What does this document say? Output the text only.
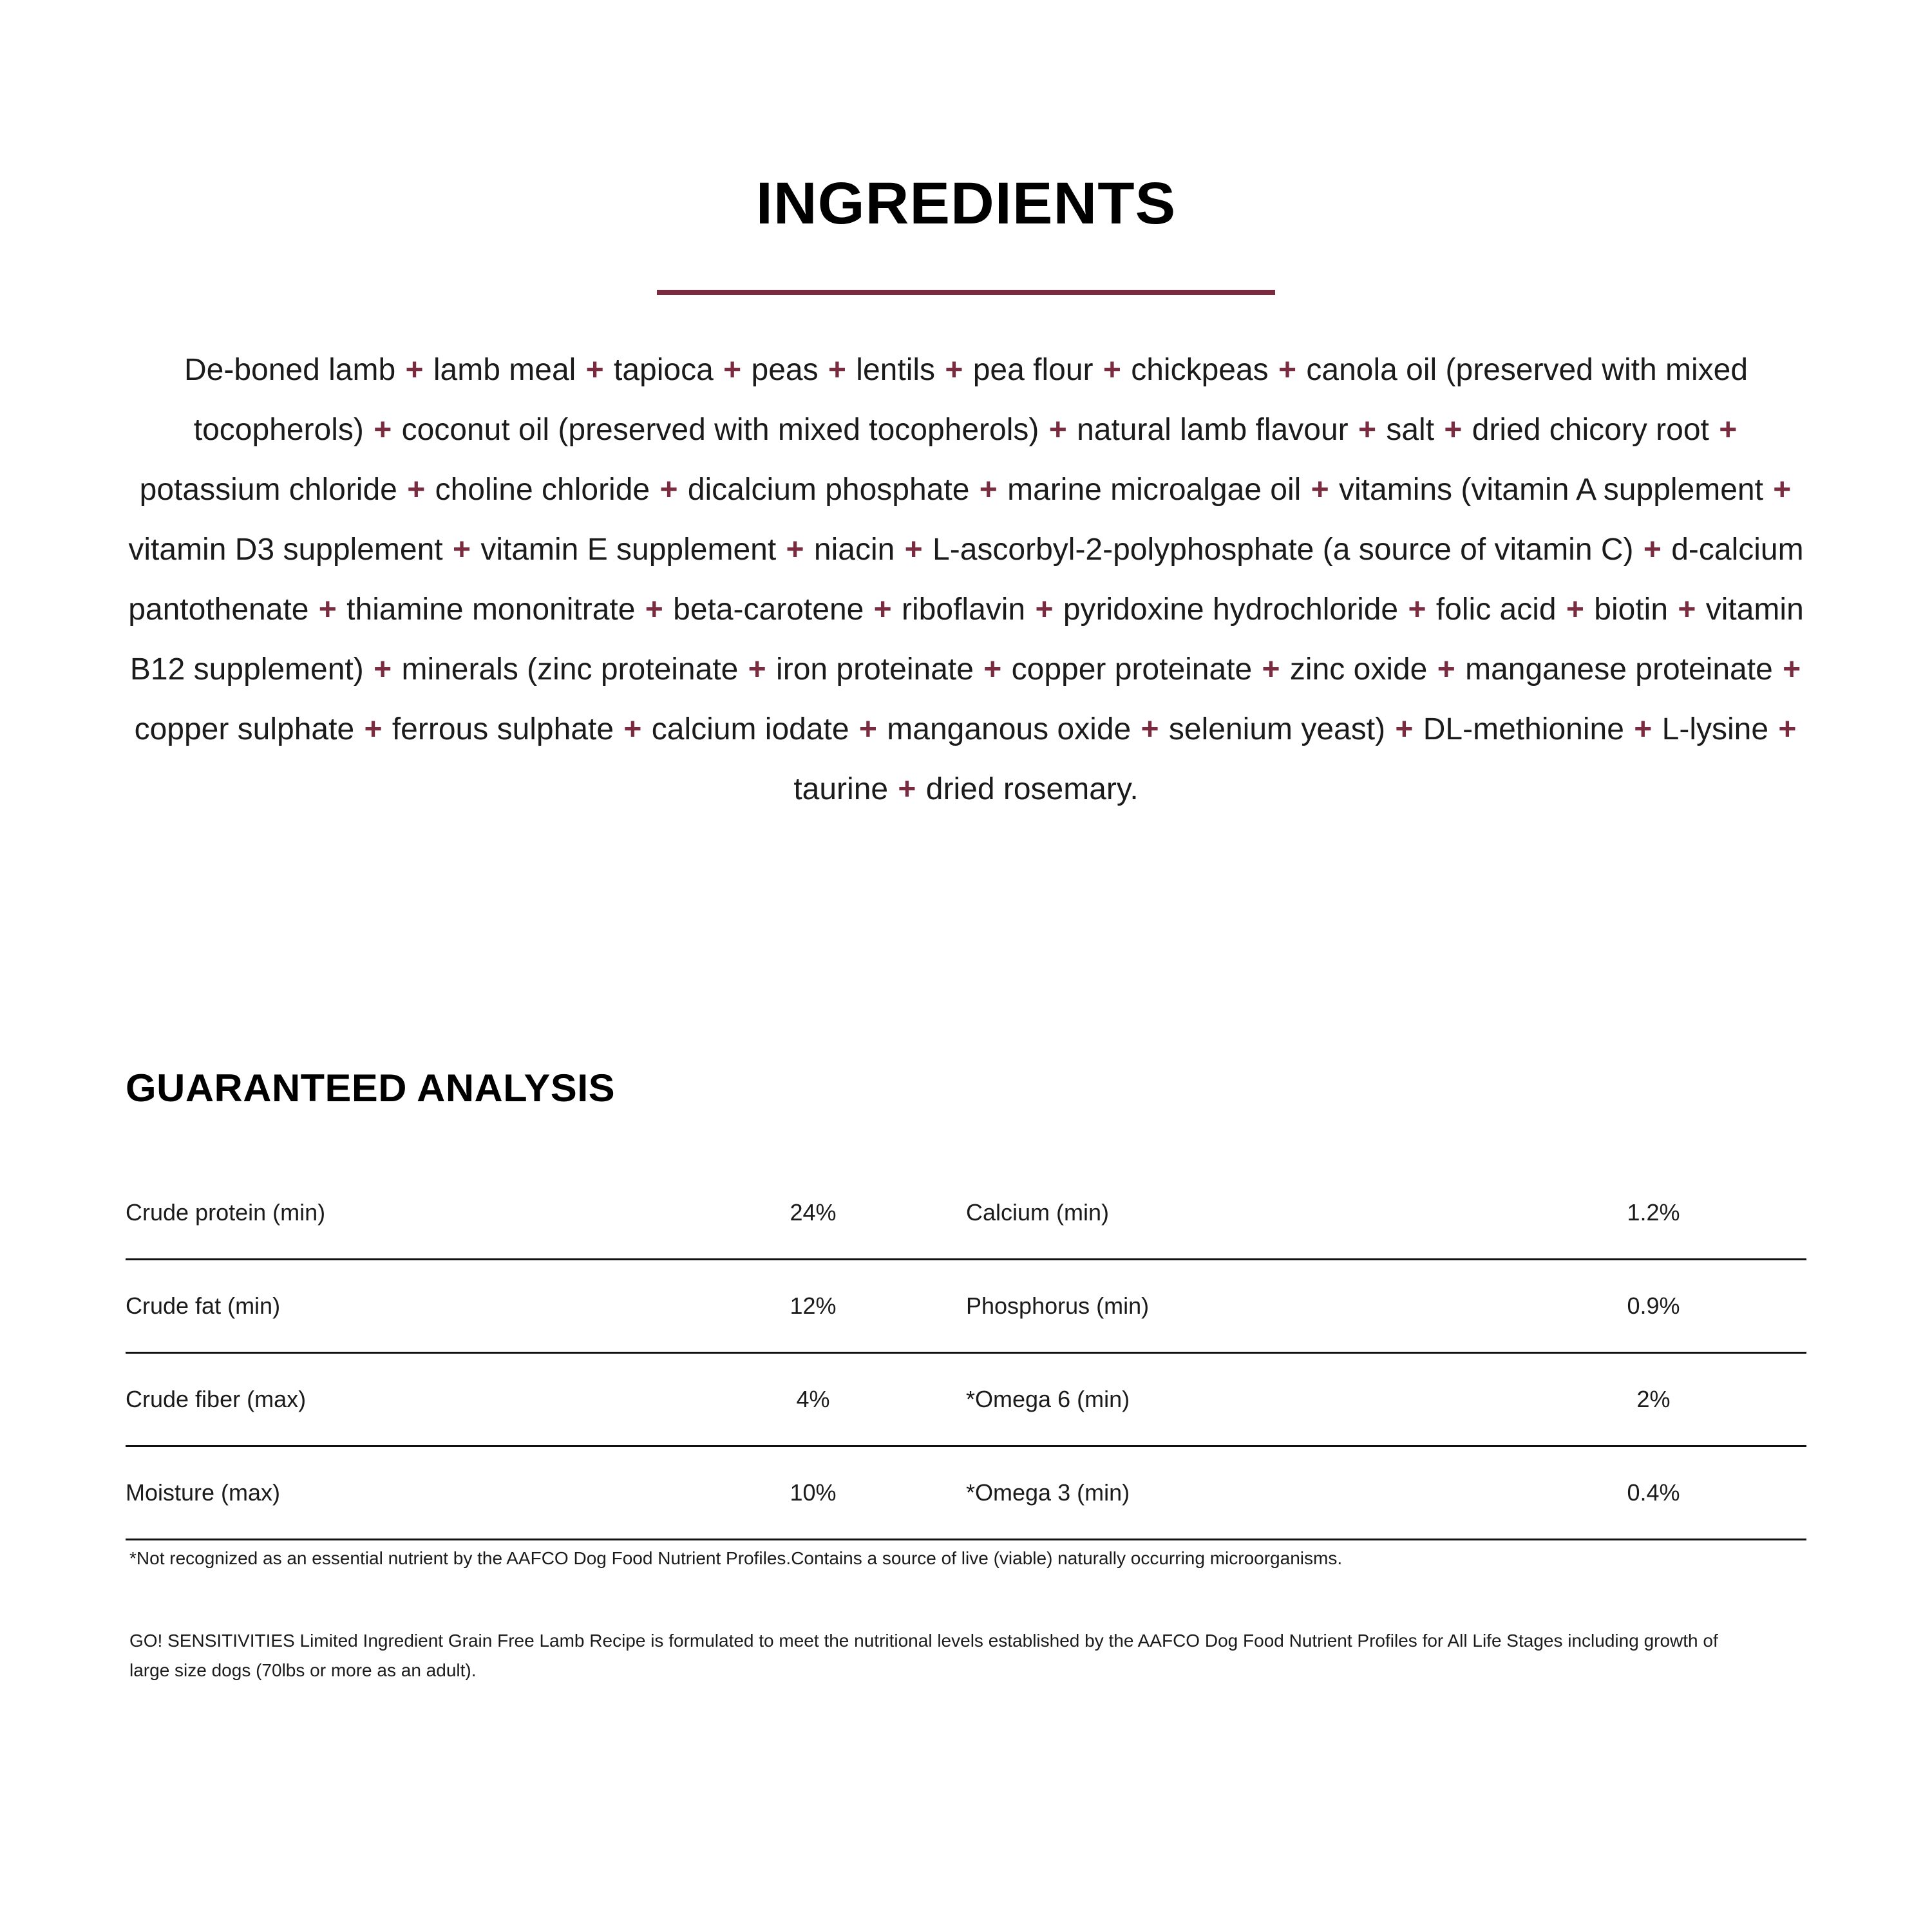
INGREDIENTS
De-boned lamb + lamb meal + tapioca + peas + lentils + pea flour + chickpeas + canola oil (preserved with mixed tocopherols) + coconut oil (preserved with mixed tocopherols) + natural lamb flavour + salt + dried chicory root + potassium chloride + choline chloride + dicalcium phosphate + marine microalgae oil + vitamins (vitamin A supplement + vitamin D3 supplement + vitamin E supplement + niacin + L-ascorbyl-2-polyphosphate (a source of vitamin C) + d-calcium pantothenate + thiamine mononitrate + beta-carotene + riboflavin + pyridoxine hydrochloride + folic acid + biotin + vitamin B12 supplement) + minerals (zinc proteinate + iron proteinate + copper proteinate + zinc oxide + manganese proteinate + copper sulphate + ferrous sulphate + calcium iodate + manganous oxide + selenium yeast) + DL-methionine + L-lysine + taurine + dried rosemary.
GUARANTEED ANALYSIS
Crude protein (min)	24%	Calcium (min)	1.2%
Crude fat (min)	12%	Phosphorus (min)	0.9%
Crude fiber (max)	4%	*Omega 6 (min)	2%
Moisture (max)	10%	*Omega 3 (min)	0.4%
*Not recognized as an essential nutrient by the AAFCO Dog Food Nutrient Profiles.Contains a source of live (viable) naturally occurring microorganisms.
GO! SENSITIVITIES Limited Ingredient Grain Free Lamb Recipe is formulated to meet the nutritional levels established by the AAFCO Dog Food Nutrient Profiles for All Life Stages including growth of large size dogs (70lbs or more as an adult).
